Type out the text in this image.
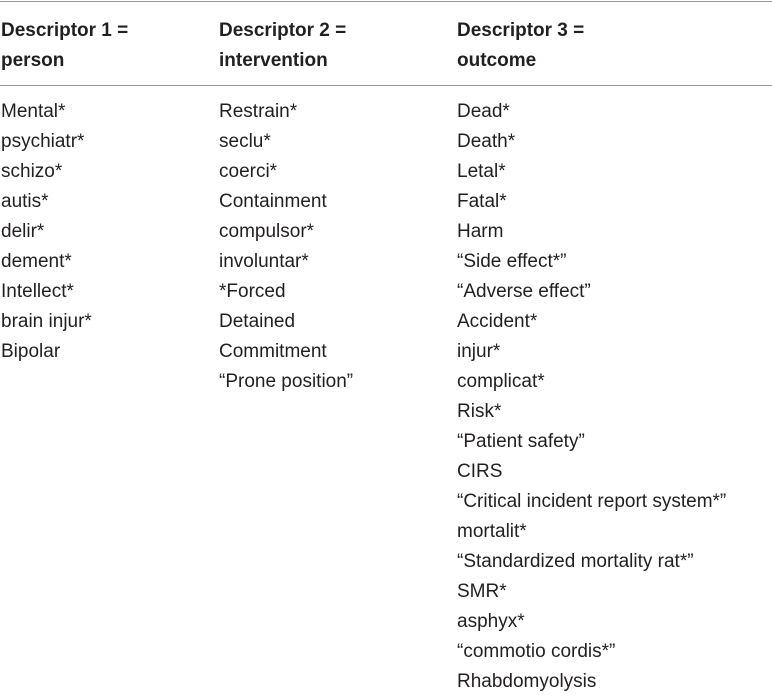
Descriptor 1 =
person
Descriptor 2 =
intervention
Descriptor 3 =
outcome
Mental*
psychiatr*
schizo*
autis*
delir*
dement*
Intellect*
brain injur*
Bipolar
Restrain*
seclu*
coerci*
Containment
compulsor*
involuntar*
*Forced
Detained
Commitment
“Prone position”
Dead*
Death*
Letal*
Fatal*
Harm
“Side effect*”
“Adverse effect”
Accident*
injur*
complicat*
Risk*
“Patient safety”
CIRS
“Critical incident report system*”
mortalit*
“Standardized mortality rat*”
SMR*
asphyx*
“commotio cordis*”
Rhabdomyolysis
